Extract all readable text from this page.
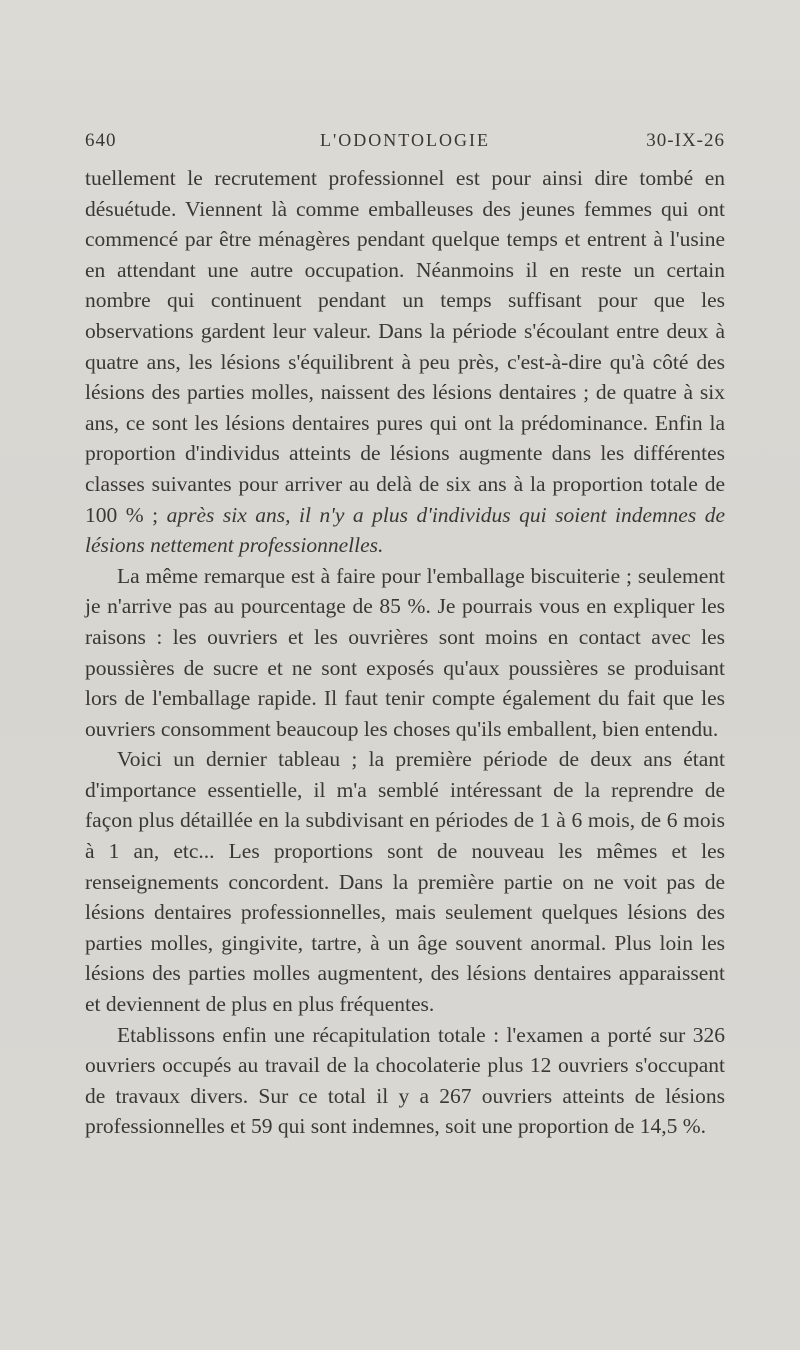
640	L'ODONTOLOGIE	30-IX-26

tuellement le recrutement professionnel est pour ainsi dire tombé en désuétude. Viennent là comme emballeuses des jeunes femmes qui ont commencé par être ménagères pendant quelque temps et entrent à l'usine en attendant une autre occupation. Néanmoins il en reste un certain nombre qui continuent pendant un temps suffisant pour que les observations gardent leur valeur. Dans la période s'écoulant entre deux à quatre ans, les lésions s'équilibrent à peu près, c'est-à-dire qu'à côté des lésions des parties molles, naissent des lésions dentaires ; de quatre à six ans, ce sont les lésions dentaires pures qui ont la prédominance. Enfin la proportion d'individus atteints de lésions augmente dans les différentes classes suivantes pour arriver au delà de six ans à la proportion totale de 100 % ; après six ans, il n'y a plus d'individus qui soient indemnes de lésions nettement professionnelles.

La même remarque est à faire pour l'emballage biscuiterie ; seulement je n'arrive pas au pourcentage de 85 %. Je pourrais vous en expliquer les raisons : les ouvriers et les ouvrières sont moins en contact avec les poussières de sucre et ne sont exposés qu'aux poussières se produisant lors de l'emballage rapide. Il faut tenir compte également du fait que les ouvriers consomment beaucoup les choses qu'ils emballent, bien entendu.

Voici un dernier tableau ; la première période de deux ans étant d'importance essentielle, il m'a semblé intéressant de la reprendre de façon plus détaillée en la subdivisant en périodes de 1 à 6 mois, de 6 mois à 1 an, etc... Les proportions sont de nouveau les mêmes et les renseignements concordent. Dans la première partie on ne voit pas de lésions dentaires professionnelles, mais seulement quelques lésions des parties molles, gingivite, tartre, à un âge souvent anormal. Plus loin les lésions des parties molles augmentent, des lésions dentaires apparaissent et deviennent de plus en plus fréquentes.

Etablissons enfin une récapitulation totale : l'examen a porté sur 326 ouvriers occupés au travail de la chocolaterie plus 12 ouvriers s'occupant de travaux divers. Sur ce total il y a 267 ouvriers atteints de lésions professionnelles et 59 qui sont indemnes, soit une proportion de 14,5 %.
